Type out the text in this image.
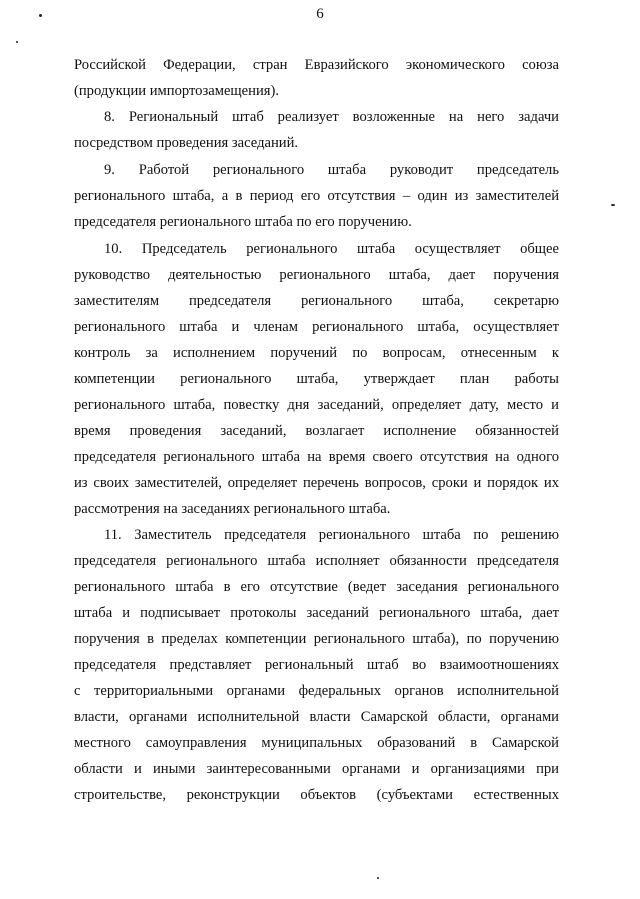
6
Российской Федерации, стран Евразийского экономического союза
(продукции импортозамещения).
8. Региональный штаб реализует возложенные на него задачи
посредством проведения заседаний.
9. Работой регионального штаба руководит председатель
регионального штаба, а в период его отсутствия – один из заместителей
председателя регионального штаба по его поручению.
10. Председатель регионального штаба осуществляет общее
руководство деятельностью регионального штаба, дает поручения
заместителям председателя регионального штаба, секретарю
регионального штаба и членам регионального штаба, осуществляет
контроль за исполнением поручений по вопросам, отнесенным к
компетенции регионального штаба, утверждает план работы
регионального штаба, повестку дня заседаний, определяет дату, место и
время проведения заседаний, возлагает исполнение обязанностей
председателя регионального штаба на время своего отсутствия на одного
из своих заместителей, определяет перечень вопросов, сроки и порядок их
рассмотрения на заседаниях регионального штаба.
11. Заместитель председателя регионального штаба по решению
председателя регионального штаба исполняет обязанности председателя
регионального штаба в его отсутствие (ведет заседания регионального
штаба и подписывает протоколы заседаний регионального штаба, дает
поручения в пределах компетенции регионального штаба), по поручению
председателя представляет региональный штаб во взаимоотношениях
с территориальными органами федеральных органов исполнительной
власти, органами исполнительной власти Самарской области, органами
местного самоуправления муниципальных образований в Самарской
области и иными заинтересованными органами и организациями при
строительстве, реконструкции объектов (субъектами естественных
